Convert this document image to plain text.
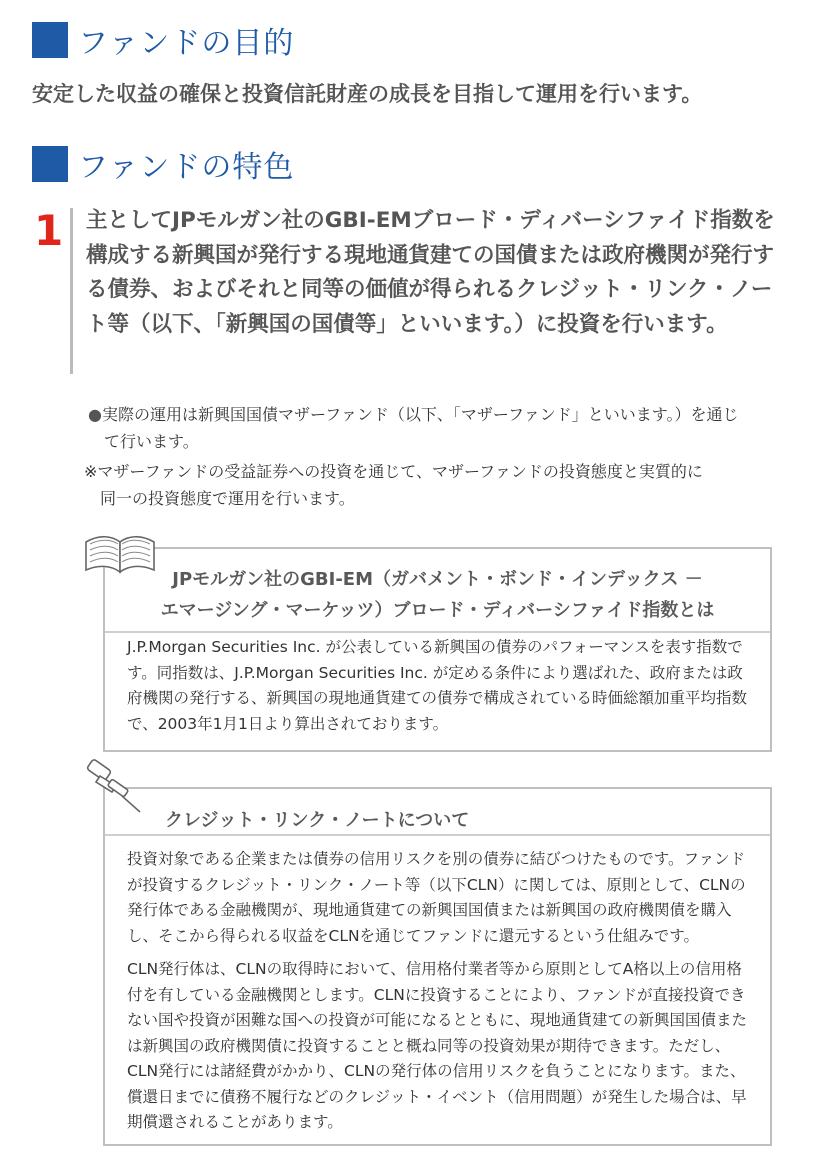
ファンドの目的
安定した収益の確保と投資信託財産の成長を目指して運用を行います。
ファンドの特色
1 主としてJPモルガン社のGBI-EMブロード・ディバーシファイド指数を構成する新興国が発行する現地通貨建ての国債または政府機関が発行する債券、およびそれと同等の価値が得られるクレジット・リンク・ノート等（以下、「新興国の国債等」といいます。）に投資を行います。
●実際の運用は新興国国債マザーファンド（以下、「マザーファンド」といいます。）を通じ
て行います。
※マザーファンドの受益証券への投資を通じて、マザーファンドの投資態度と実質的に
同一の投資態度で運用を行います。
JPモルガン社のGBI-EM（ガバメント・ボンド・インデックス －
エマージング・マーケッツ）ブロード・ディバーシファイド指数とは
J.P.Morgan Securities Inc. が公表している新興国の債券のパフォーマンスを表す指数です。同指数は、J.P.Morgan Securities Inc. が定める条件により選ばれた、政府または政府機関の発行する、新興国の現地通貨建ての債券で構成されている時価総額加重平均指数で、2003年1月1日より算出されております。
クレジット・リンク・ノートについて
投資対象である企業または債券の信用リスクを別の債券に結びつけたものです。ファンドが投資するクレジット・リンク・ノート等（以下CLN）に関しては、原則として、CLNの発行体である金融機関が、現地通貨建ての新興国国債または新興国の政府機関債を購入し、そこから得られる収益をCLNを通じてファンドに還元するという仕組みです。
CLN発行体は、CLNの取得時において、信用格付業者等から原則としてA格以上の信用格付を有している金融機関とします。CLNに投資することにより、ファンドが直接投資できない国や投資が困難な国への投資が可能になるとともに、現地通貨建ての新興国国債または新興国の政府機関債に投資することと概ね同等の投資効果が期待できます。ただし、CLN発行には諸経費がかかり、CLNの発行体の信用リスクを負うことになります。また、償還日までに債務不履行などのクレジット・イベント（信用問題）が発生した場合は、早期償還されることがあります。
